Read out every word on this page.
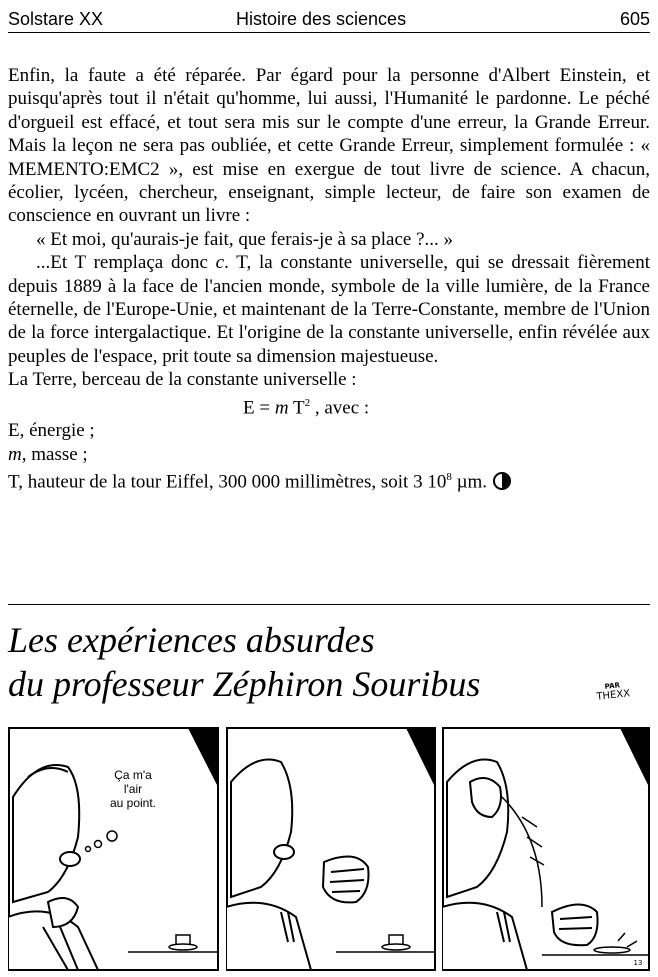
Solstare XX	Histoire des sciences	605

Enfin, la faute a été réparée. Par égard pour la personne d'Albert Einstein, et puisqu'après tout il n'était qu'homme, lui aussi, l'Humanité le pardonne. Le péché d'orgueil est effacé, et tout sera mis sur le compte d'une erreur, la Grande Erreur. Mais la leçon ne sera pas oubliée, et cette Grande Erreur, simplement formulée : « MEMENTO:EMC2 », est mise en exergue de tout livre de science. A chacun, écolier, lycéen, chercheur, enseignant, simple lecteur, de faire son examen de conscience en ouvrant un livre :

« Et moi, qu'aurais-je fait, que ferais-je à sa place ?... »

...Et T remplaça donc c. T, la constante universelle, qui se dressait fièrement depuis 1889 à la face de l'ancien monde, symbole de la ville lumière, de la France éternelle, de l'Europe-Unie, et maintenant de la Terre-Constante, membre de l'Union de la force intergalactique. Et l'origine de la constante universelle, enfin révélée aux peuples de l'espace, prit toute sa dimension majestueuse.

La Terre, berceau de la constante universelle :

E = m $T^2$ , avec :

E, énergie ;

m, masse ;

T, hauteur de la tour Eiffel, 300 000 millimètres, soit 3 $10^8$ µm.

Les expériences absurdes
du professeur Zéphiron Souribus	PAR
THEXX
Ça m'a
l'air
au point.
13
